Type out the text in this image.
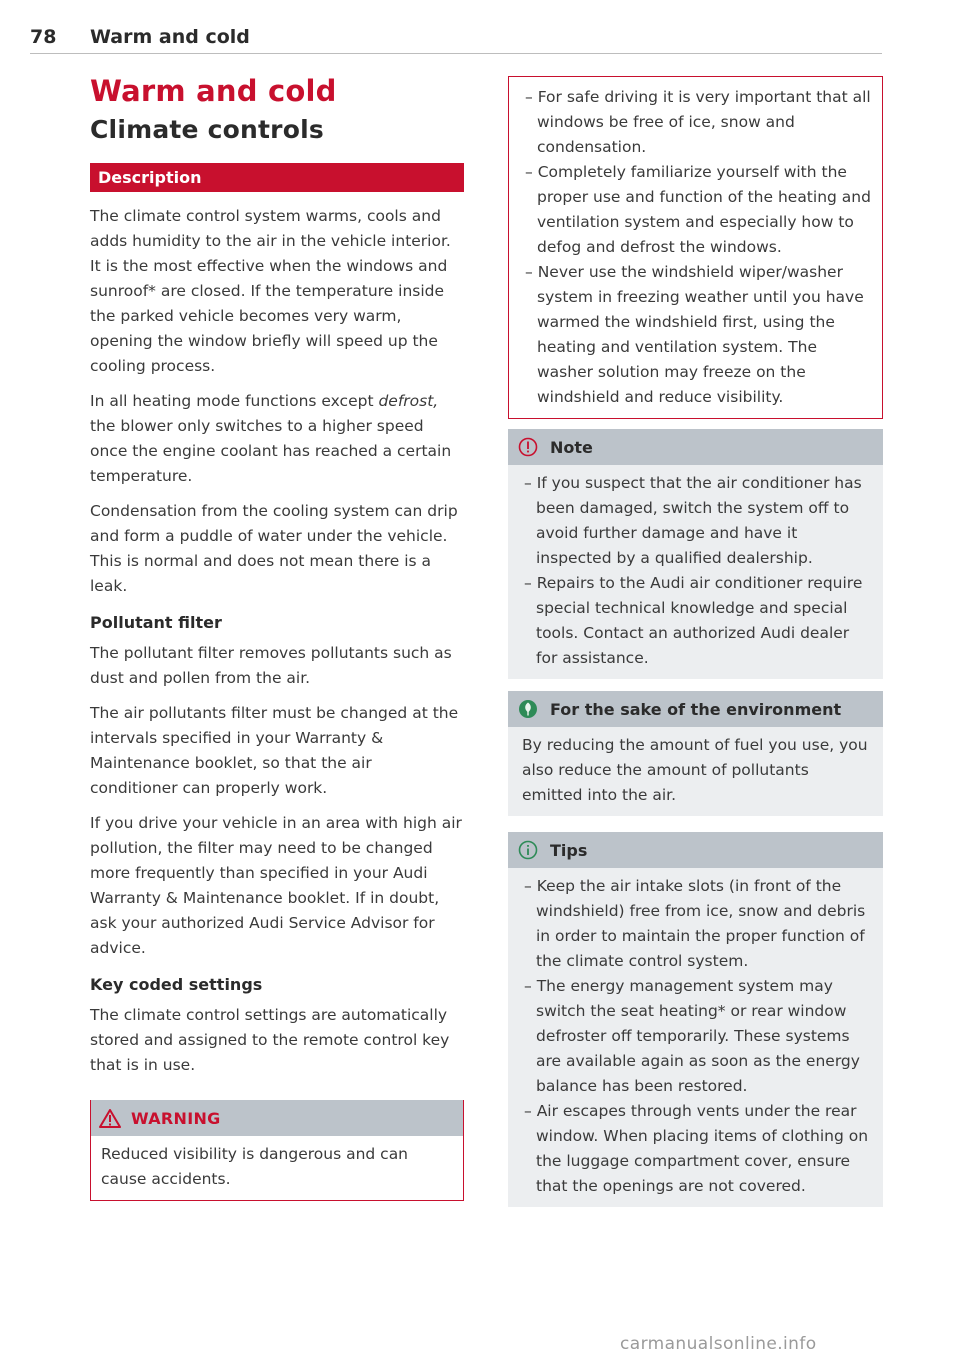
78 Warm and cold
Warm and cold
Climate controls
Description

The climate control system warms, cools and adds humidity to the air in the vehicle interior. It is the most effective when the windows and sunroof* are closed. If the temperature inside the parked vehicle becomes very warm, opening the window briefly will speed up the cooling process.

In all heating mode functions except defrost, the blower only switches to a higher speed once the engine coolant has reached a certain temperature.

Condensation from the cooling system can drip and form a puddle of water under the vehicle. This is normal and does not mean there is a leak.

Pollutant filter

The pollutant filter removes pollutants such as dust and pollen from the air.

The air pollutants filter must be changed at the intervals specified in your Warranty & Maintenance booklet, so that the air conditioner can properly work.

If you drive your vehicle in an area with high air pollution, the filter may need to be changed more frequently than specified in your Audi Warranty & Maintenance booklet. If in doubt, ask your authorized Audi Service Advisor for advice.

Key coded settings

The climate control settings are automatically stored and assigned to the remote control key that is in use.

WARNING
Reduced visibility is dangerous and can cause accidents.
– For safe driving it is very important that all windows be free of ice, snow and condensation.
– Completely familiarize yourself with the proper use and function of the heating and ventilation system and especially how to defog and defrost the windows.
– Never use the windshield wiper/washer system in freezing weather until you have warmed the windshield first, using the heating and ventilation system. The washer solution may freeze on the windshield and reduce visibility.
Note
– If you suspect that the air conditioner has been damaged, switch the system off to avoid further damage and have it inspected by a qualified dealership.
– Repairs to the Audi air conditioner require special technical knowledge and special tools. Contact an authorized Audi dealer for assistance.
For the sake of the environment
By reducing the amount of fuel you use, you also reduce the amount of pollutants emitted into the air.
Tips
– Keep the air intake slots (in front of the windshield) free from ice, snow and debris in order to maintain the proper function of the climate control system.
– The energy management system may switch the seat heating* or rear window defroster off temporarily. These systems are available again as soon as the energy balance has been restored.
– Air escapes through vents under the rear window. When placing items of clothing on the luggage compartment cover, ensure that the openings are not covered.
carmanualsonline.info
